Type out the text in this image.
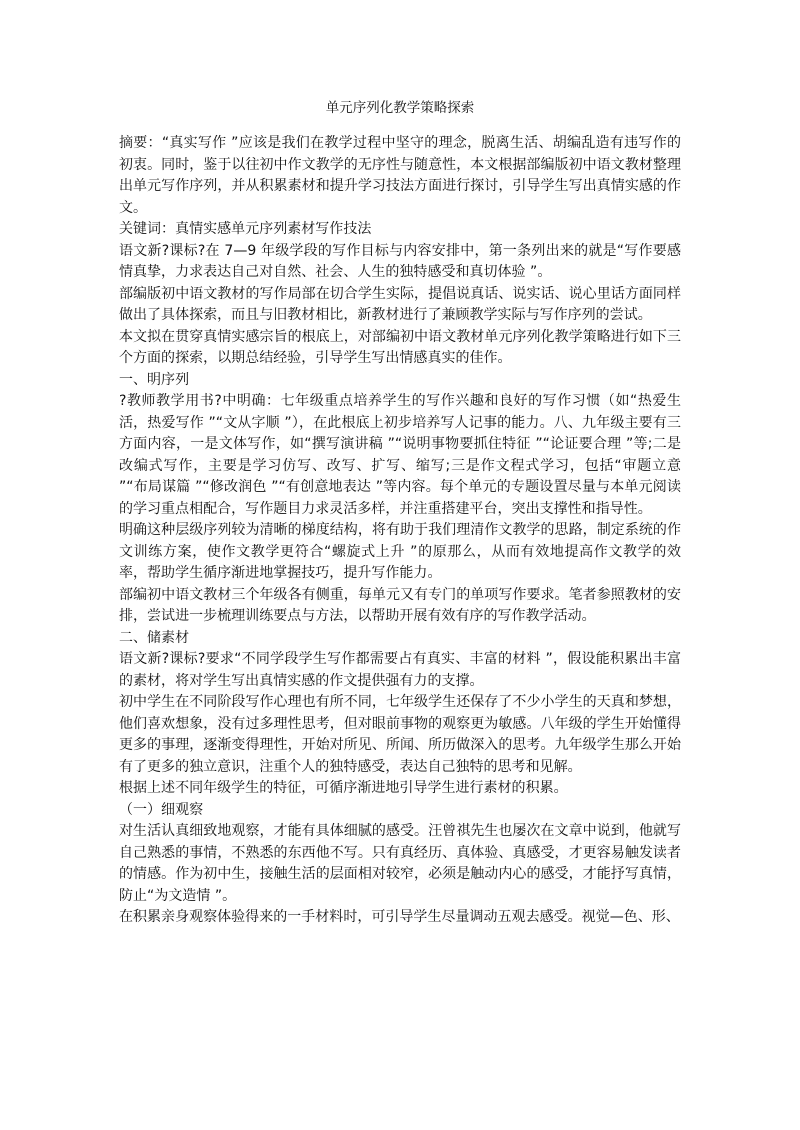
单元序列化教学策略探索

摘要：“真实写作 ”应该是我们在教学过程中坚守的理念，脱离生活、胡编乱造有违写作的初衷。同时，鉴于以往初中作文教学的无序性与随意性，本文根据部编版初中语文教材整理出单元写作序列，并从积累素材和提升学习技法方面进行探讨，引导学生写出真情实感的作文。

关键词：真情实感单元序列素材写作技法

语文新?课标?在 7—9 年级学段的写作目标与内容安排中，第一条列出来的就是“写作要感情真挚，力求表达自己对自然、社会、人生的独特感受和真切体验 ”。

部编版初中语文教材的写作局部在切合学生实际，提倡说真话、说实话、说心里话方面同样做出了具体探索，而且与旧教材相比，新教材进行了兼顾教学实际与写作序列的尝试。

本文拟在贯穿真情实感宗旨的根底上，对部编初中语文教材单元序列化教学策略进行如下三个方面的探索，以期总结经验，引导学生写出情感真实的佳作。

一、明序列

?教师教学用书?中明确：七年级重点培养学生的写作兴趣和良好的写作习惯（如“热爱生活，热爱写作 ”“文从字顺 ”），在此根底上初步培养写人记事的能力。八、九年级主要有三方面内容，一是文体写作，如“撰写演讲稿 ”“说明事物要抓住特征 ”“论证要合理 ”等;二是改编式写作，主要是学习仿写、改写、扩写、缩写;三是作文程式学习，包括“审题立意 ”“布局谋篇 ”“修改润色 ”“有创意地表达 ”等内容。每个单元的专题设置尽量与本单元阅读的学习重点相配合，写作题目力求灵活多样，并注重搭建平台，突出支撑性和指导性。

明确这种层级序列较为清晰的梯度结构，将有助于我们理清作文教学的思路，制定系统的作文训练方案，使作文教学更符合“螺旋式上升 ”的原那么，从而有效地提高作文教学的效率，帮助学生循序渐进地掌握技巧，提升写作能力。

部编初中语文教材三个年级各有侧重，每单元又有专门的单项写作要求。笔者参照教材的安排，尝试进一步梳理训练要点与方法，以帮助开展有效有序的写作教学活动。

二、储素材

语文新?课标?要求“不同学段学生写作都需要占有真实、丰富的材料 ”，假设能积累出丰富的素材，将对学生写出真情实感的作文提供强有力的支撑。

初中学生在不同阶段写作心理也有所不同，七年级学生还保存了不少小学生的天真和梦想，他们喜欢想象，没有过多理性思考，但对眼前事物的观察更为敏感。八年级的学生开始懂得更多的事理，逐渐变得理性，开始对所见、所闻、所历做深入的思考。九年级学生那么开始有了更多的独立意识，注重个人的独特感受，表达自己独特的思考和见解。

根据上述不同年级学生的特征，可循序渐进地引导学生进行素材的积累。

（一）细观察

对生活认真细致地观察，才能有具体细腻的感受。汪曾祺先生也屡次在文章中说到，他就写自己熟悉的事情，不熟悉的东西他不写。只有真经历、真体验、真感受，才更容易触发读者的情感。作为初中生，接触生活的层面相对较窄，必须是触动内心的感受，才能抒写真情，防止“为文造情 ”。

在积累亲身观察体验得来的一手材料时，可引导学生尽量调动五观去感受。视觉—色、形、
